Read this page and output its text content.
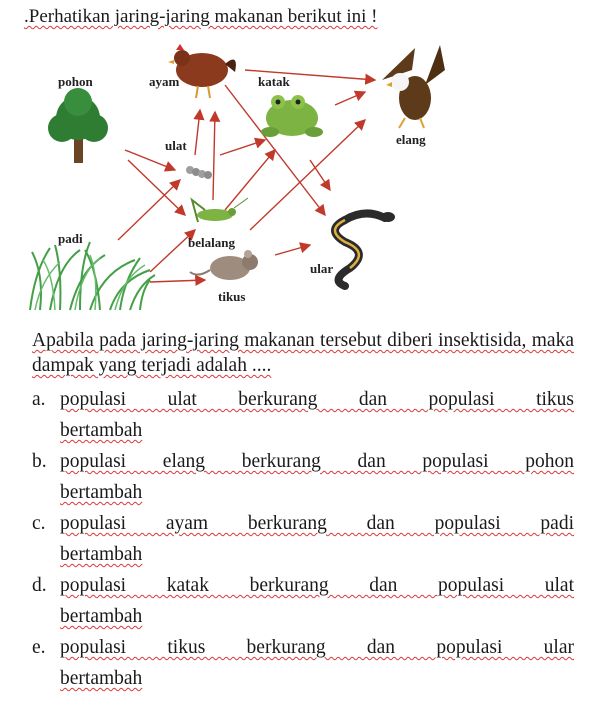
.Perhatikan jaring-jaring makanan berikut ini !
pohon	ayam	katak
elang
ulat
padi	belalang
ular
tikus
Apabila pada jaring-jaring makanan tersebut diberi insektisida, maka dampak yang terjadi adalah ....
a. populasi ulat berkurang dan populasi tikus
bertambah
b. populasi elang berkurang dan populasi pohon
bertambah
c. populasi ayam berkurang dan populasi padi
bertambah
d. populasi katak berkurang dan populasi ulat
bertambah
e. populasi tikus berkurang dan populasi ular
bertambah
